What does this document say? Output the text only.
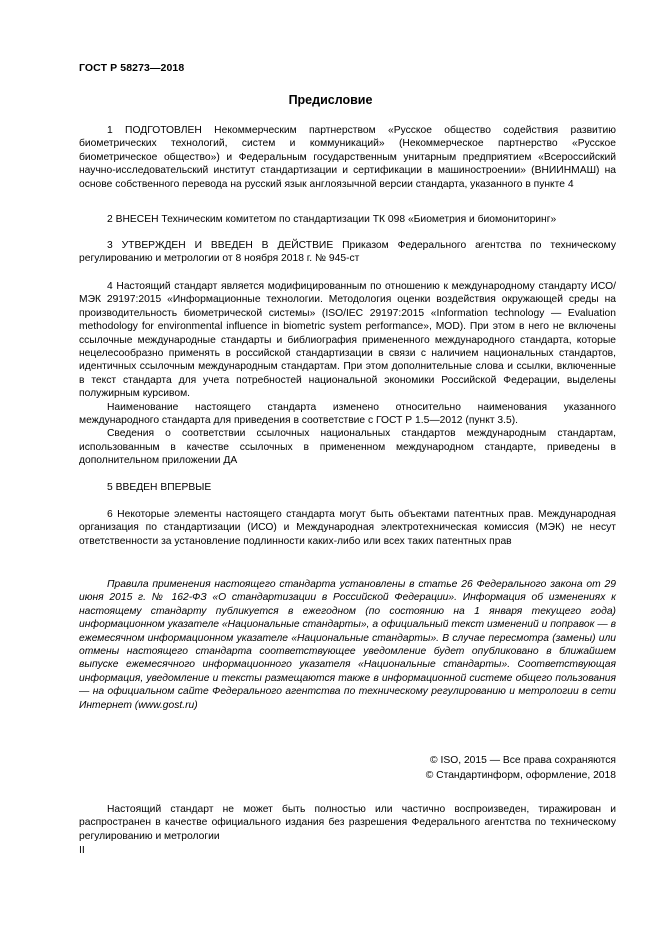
ГОСТ Р 58273—2018
Предисловие

1 ПОДГОТОВЛЕН Некоммерческим партнерством «Русское общество содействия развитию биометрических технологий, систем и коммуникаций» (Некоммерческое партнерство «Русское биометрическое общество») и Федеральным государственным унитарным предприятием «Всероссийский научно-исследовательский институт стандартизации и сертификации в машиностроении» (ВНИИНМАШ) на основе собственного перевода на русский язык англоязычной версии стандарта, указанного в пункте 4

2 ВНЕСЕН Техническим комитетом по стандартизации ТК 098 «Биометрия и биомониторинг»

3 УТВЕРЖДЕН И ВВЕДЕН В ДЕЙСТВИЕ Приказом Федерального агентства по техническому регулированию и метрологии от 8 ноября 2018 г. № 945-ст

4 Настоящий стандарт является модифицированным по отношению к международному стандарту ИСО/МЭК 29197:2015 «Информационные технологии. Методология оценки воздействия окружающей среды на производительность биометрической системы» (ISO/IEC 29197:2015 «Information technology — Evaluation methodology for environmental influence in biometric system performance», MOD). При этом в него не включены ссылочные международные стандарты и библиография примененного международного стандарта, которые нецелесообразно применять в российской стандартизации в связи с наличием национальных стандартов, идентичных ссылочным международным стандартам. При этом дополнительные слова и ссылки, включенные в текст стандарта для учета потребностей национальной экономики Российской Федерации, выделены полужирным курсивом.

Наименование настоящего стандарта изменено относительно наименования указанного международного стандарта для приведения в соответствие с ГОСТ Р 1.5—2012 (пункт 3.5).

Сведения о соответствии ссылочных национальных стандартов международным стандартам, использованным в качестве ссылочных в примененном международном стандарте, приведены в дополнительном приложении ДА

5 ВВЕДЕН ВПЕРВЫЕ

6 Некоторые элементы настоящего стандарта могут быть объектами патентных прав. Международная организация по стандартизации (ИСО) и Международная электротехническая комиссия (МЭК) не несут ответственности за установление подлинности каких-либо или всех таких патентных прав

Правила применения настоящего стандарта установлены в статье 26 Федерального закона от 29 июня 2015 г. № 162-ФЗ «О стандартизации в Российской Федерации». Информация об изменениях к настоящему стандарту публикуется в ежегодном (по состоянию на 1 января текущего года) информационном указателе «Национальные стандарты», а официальный текст изменений и поправок — в ежемесячном информационном указателе «Национальные стандарты». В случае пересмотра (замены) или отмены настоящего стандарта соответствующее уведомление будет опубликовано в ближайшем выпуске ежемесячного информационного указателя «Национальные стандарты». Соответствующая информация, уведомление и тексты размещаются также в информационной системе общего пользования — на официальном сайте Федерального агентства по техническому регулированию и метрологии в сети Интернет (www.gost.ru)

© ISO, 2015 — Все права сохраняются
© Стандартинформ, оформление, 2018

Настоящий стандарт не может быть полностью или частично воспроизведен, тиражирован и распространен в качестве официального издания без разрешения Федерального агентства по техническому регулированию и метрологии

II
